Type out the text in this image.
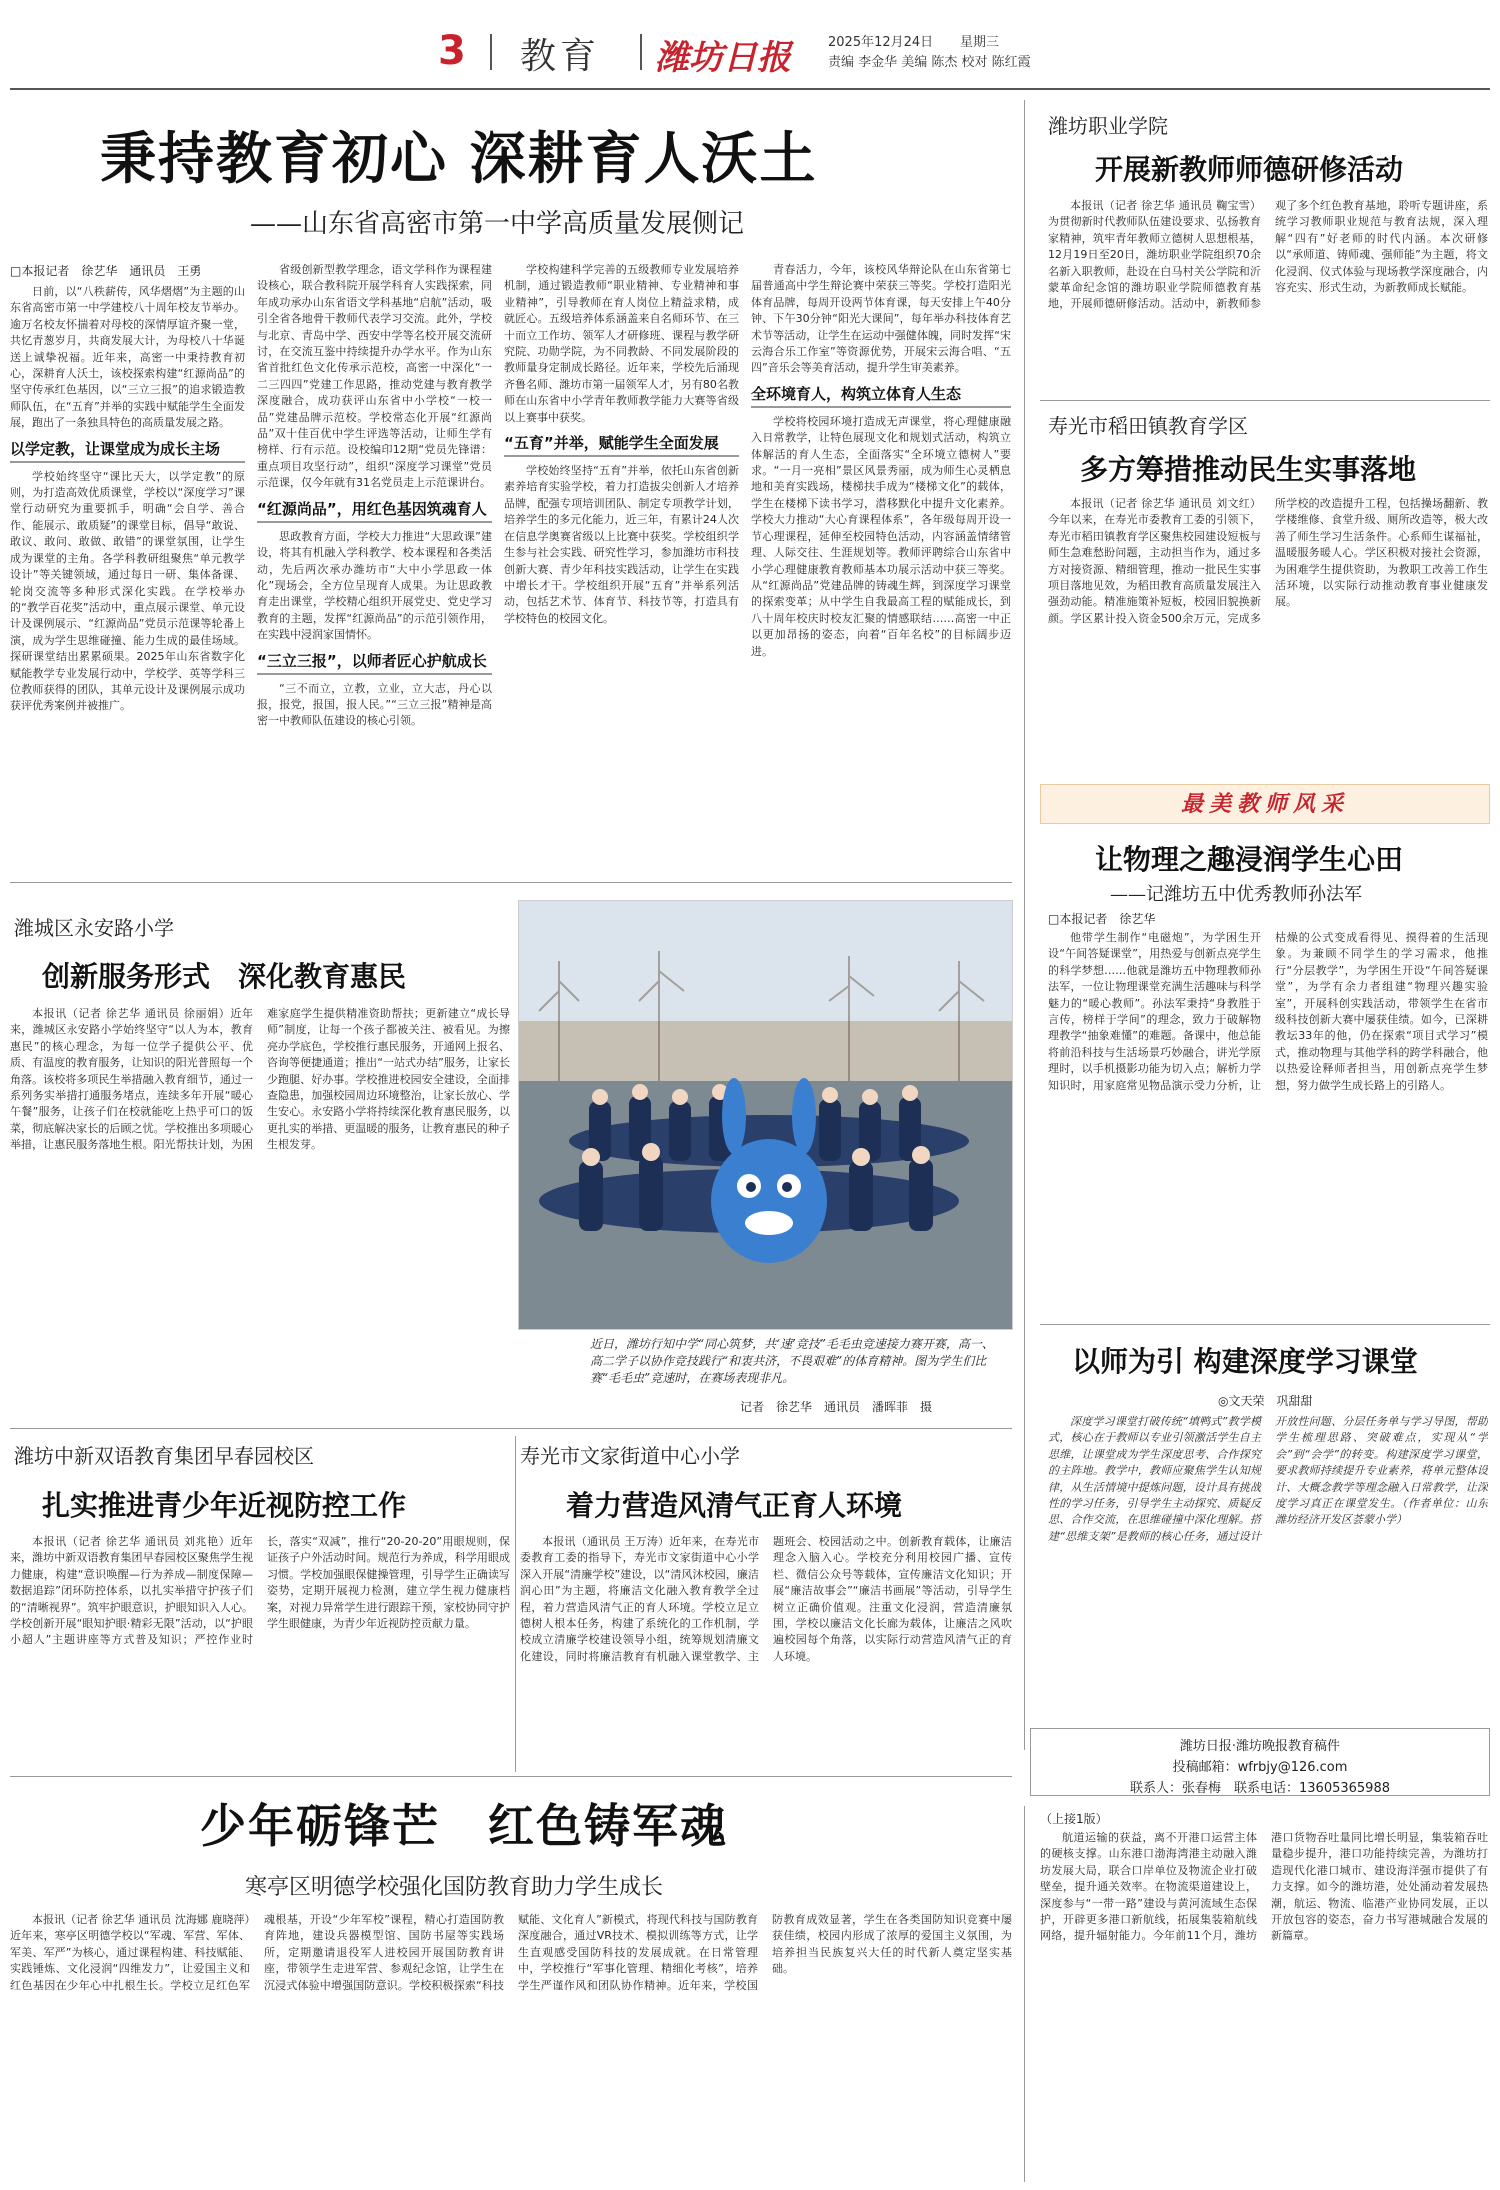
3	教育	潍坊日报	2025年12月24日	星期三
责编 李金华 美编 陈杰 校对 陈红霞
秉持教育初心 深耕育人沃土
——山东省高密市第一中学高质量发展侧记
□本报记者　徐艺华　通讯员　王勇

日前，以“八秩薪传，风华熠熠”为主题的山东省高密市第一中学建校八十周年校友节举办。逾万名校友怀揣着对母校的深情厚谊齐聚一堂，共忆青葱岁月，共商发展大计，为母校八十华诞送上诚挚祝福。近年来，高密一中秉持教育初心，深耕育人沃土，该校探索构建“红源尚品”的坚守传承红色基因，以“三立三报”的追求锻造教师队伍，在“五育”并举的实践中赋能学生全面发展，跑出了一条独具特色的高质量发展之路。

以学定教，让课堂成为成长主场

学校始终坚守“课比天大，以学定教”的原则，为打造高效优质课堂，学校以“深度学习”课堂行动研究为重要抓手，明确“会自学、善合作、能展示、敢质疑”的课堂目标，倡导“敢说、敢议、敢问、敢做、敢错”的课堂氛围，让学生成为课堂的主角。各学科教研组聚焦“单元教学设计”等关键领域，通过每日一研、集体备课、轮岗交流等多种形式深化实践。在学校举办的“教学百花奖”活动中，重点展示课堂、单元设计及课例展示、“红源尚品”党员示范课等轮番上演，成为学生思维碰撞、能力生成的最佳场域。探研课堂结出累累硕果。2025年山东省数字化赋能教学专业发展行动中，学校学、英等学科三位教师获得的团队，其单元设计及课例展示成功获评优秀案例并被推广。

省级创新型教学理念，语文学科作为课程建设核心，联合教科院开展学科育人实践探索，同年成功承办山东省语文学科基地“启航”活动，吸引全省各地骨干教师代表学习交流。此外，学校与北京、青岛中学、西安中学等名校开展交流研讨，在交流互鉴中持续提升办学水平。作为山东省首批红色文化传承示范校，高密一中深化“一二三四四”党建工作思路，推动党建与教育教学深度融合，成功获评山东省中小学校“一校一品”党建品牌示范校。学校常态化开展“红源尚品”双十佳百优中学生评选等活动，让师生学有榜样、行有示范。设校编印12期“党员先锋谱：重点项目攻坚行动”，组织“深度学习课堂”党员示范课，仅今年就有31名党员走上示范课讲台。

“红源尚品”，用红色基因筑魂育人

思政教育方面，学校大力推进“大思政课”建设，将其有机融入学科教学、校本课程和各类活动，先后两次承办潍坊市“大中小学思政一体化”现场会，全方位呈现育人成果。为让思政教育走出课堂，学校精心组织开展党史、党史学习教育的主题，发挥“红源尚品”的示范引领作用，在实践中浸润家国情怀。

“三立三报”，以师者匠心护航成长

“三不而立，立教，立业，立大志，丹心以报，报党，报国，报人民。”“三立三报”精神是高密一中教师队伍建设的核心引领。

学校构建科学完善的五级教师专业发展培养机制，通过锻造教师“职业精神、专业精神和事业精神”，引导教师在育人岗位上精益求精，成就匠心。五级培养体系涵盖来自名师环节、在三十而立工作坊、领军人才研修班、课程与教学研究院、功勋学院，为不同教龄、不同发展阶段的教师量身定制成长路径。近年来，学校先后涌现齐鲁名师、潍坊市第一届领军人才，另有80名教师在山东省中小学青年教师教学能力大赛等省级以上赛事中获奖。

“五育”并举，赋能学生全面发展

学校始终坚持“五育”并举，依托山东省创新素养培育实验学校，着力打造拔尖创新人才培养品牌，配强专项培训团队、制定专项教学计划，培养学生的多元化能力，近三年，有累计24人次在信息学奥赛省级以上比赛中获奖。学校组织学生参与社会实践、研究性学习，参加潍坊市科技创新大赛、青少年科技实践活动，让学生在实践中增长才干。学校组织开展“五育”并举系列活动，包括艺术节、体育节、科技节等，打造具有学校特色的校园文化。

青春活力，今年，该校风华辩论队在山东省第七届普通高中学生辩论赛中荣获三等奖。学校打造阳光体育品牌，每周开设两节体育课，每天安排上午40分钟、下午30分钟“阳光大课间”，每年举办科技体育艺术节等活动，让学生在运动中强健体魄，同时发挥“宋云海合乐工作室”等资源优势，开展宋云海合唱、“五四”音乐会等美育活动，提升学生审美素养。

全环境育人，构筑立体育人生态

学校将校园环境打造成无声课堂，将心理健康融入日常教学，让特色展现文化和规划式活动，构筑立体解活的育人生态，全面落实“全环境立德树人”要求。“一月一亮相”景区风景秀丽，成为师生心灵栖息地和美育实践场，楼梯扶手成为“楼梯文化”的载体，学生在楼梯下读书学习，潜移默化中提升文化素养。学校大力推动“大心育课程体系”，各年级每周开设一节心理课程，延伸至校园特色活动，内容涵盖情绪管理、人际交往、生涯规划等。教师评聘综合山东省中小学心理健康教育教师基本功展示活动中获三等奖。从“红源尚品”党建品牌的铸魂生辉，到深度学习课堂的探索变革；从中学生自我最高工程的赋能成长，到八十周年校庆时校友汇聚的情感联结……高密一中正以更加昂扬的姿态，向着“百年名校”的目标阔步迈进。

潍坊职业学院
开展新教师师德研修活动

本报讯（记者 徐艺华 通讯员 鞠宝雪）为贯彻新时代教师队伍建设要求、弘扬教育家精神，筑牢青年教师立德树人思想根基，12月19日至20日，潍坊职业学院组织70余名新入职教师，赴设在白马村关公学院和沂蒙革命纪念馆的潍坊职业学院师德教育基地，开展师德研修活动。活动中，新教师参观了多个红色教育基地，聆听专题讲座，系统学习教师职业规范与教育法规，深入理解“四有”好老师的时代内涵。本次研修以“承师道、铸师魂、强师能”为主题，将文化浸润、仪式体验与现场教学深度融合，内容充实、形式生动，为新教师成长赋能。

寿光市稻田镇教育学区
多方筹措推动民生实事落地

本报讯（记者 徐艺华 通讯员 刘文红）今年以来，在寿光市委教育工委的引领下，寿光市稻田镇教育学区聚焦校园建设短板与师生急难愁盼问题，主动担当作为，通过多方对接资源、精细管理，推动一批民生实事项目落地见效，为稻田教育高质量发展注入强劲动能。精准施策补短板，校园旧貌换新颜。学区累计投入资金500余万元，完成多所学校的改造提升工程，包括操场翻新、教学楼维修、食堂升级、厕所改造等，极大改善了师生学习生活条件。心系师生谋福祉，温暖服务暖人心。学区积极对接社会资源，为困难学生提供资助，为教职工改善工作生活环境，以实际行动推动教育事业健康发展。

最美教师风采
让物理之趣浸润学生心田
——记潍坊五中优秀教师孙法军
□本报记者　徐艺华

他带学生制作“电磁炮”，为学困生开设“午间答疑课堂”，用热爱与创新点亮学生的科学梦想……他就是潍坊五中物理教师孙法军，一位让物理课堂充满生活趣味与科学魅力的“暖心教师”。孙法军秉持“身教胜于言传，榜样于学间”的理念，致力于破解物理教学“抽象难懂”的难题。备课中，他总能将前沿科技与生活场景巧妙融合，讲光学原理时，以手机摄影功能为切入点；解析力学知识时，用家庭常见物品演示受力分析，让枯燥的公式变成看得见、摸得着的生活现象。为兼顾不同学生的学习需求，他推行“分层教学”，为学困生开设“午间答疑课堂”，为学有余力者组建“物理兴趣实验室”，开展科创实践活动，带领学生在省市级科技创新大赛中屡获佳绩。如今，已深耕教坛33年的他，仍在探索“项目式学习”模式，推动物理与其他学科的跨学科融合，他以热爱诠释师者担当，用创新点亮学生梦想，努力做学生成长路上的引路人。

以师为引 构建深度学习课堂
◎文天荣　巩甜甜

深度学习课堂打破传统“填鸭式”教学模式，核心在于教师以专业引领激活学生自主思维，让课堂成为学生深度思考、合作探究的主阵地。教学中，教师应聚焦学生认知规律，从生活情境中提炼问题，设计具有挑战性的学习任务，引导学生主动探究、质疑反思、合作交流，在思维碰撞中深化理解。搭建“思维支架”是教师的核心任务，通过设计开放性问题、分层任务单与学习导图，帮助学生梳理思路、突破难点，实现从“学会”到“会学”的转变。构建深度学习课堂，要求教师持续提升专业素养，将单元整体设计、大概念教学等理念融入日常教学，让深度学习真正在课堂发生。（作者单位：山东潍坊经济开发区荟蒙小学）

潍坊日报·潍坊晚报教育稿件
投稿邮箱：wfrbjy@126.com
联系人：张春梅　联系电话：13605365988
潍城区永安路小学
创新服务形式　深化教育惠民

本报讯（记者 徐艺华 通讯员 徐丽娟）近年来，潍城区永安路小学始终坚守“以人为本，教育惠民”的核心理念，为每一位学子提供公平、优质、有温度的教育服务，让知识的阳光普照每一个角落。该校将多项民生举措融入教育细节，通过一系列务实举措打通服务堵点，连续多年开展“暖心午餐”服务，让孩子们在校就能吃上热乎可口的饭菜，彻底解决家长的后顾之忧。学校推出多项暖心举措，让惠民服务落地生根。阳光帮扶计划，为困难家庭学生提供精准资助帮扶；更新建立“成长导师”制度，让每一个孩子都被关注、被看见。为擦亮办学底色，学校推行惠民服务，开通网上报名、咨询等便捷通道；推出“一站式办结”服务，让家长少跑腿、好办事。学校推进校园安全建设，全面排查隐患，加强校园周边环境整治，让家长放心、学生安心。永安路小学将持续深化教育惠民服务，以更扎实的举措、更温暖的服务，让教育惠民的种子生根发芽。

近日，潍坊行知中学“同心筑梦，共‘速’竞技”毛毛虫竞速接力赛开赛，高一、高二学子以协作竞技践行“和衷共济，不畏艰难”的体育精神。图为学生们比赛“毛毛虫”竞速时，在赛场表现非凡。
记者　徐艺华　通讯员　潘晖菲　摄
潍坊中新双语教育集团早春园校区
扎实推进青少年近视防控工作

本报讯（记者 徐艺华 通讯员 刘兆艳）近年来，潍坊中新双语教育集团早春园校区聚焦学生视力健康，构建“意识唤醒—行为养成—制度保障—数据追踪”闭环防控体系，以扎实举措守护孩子们的“清晰视界”。筑牢护眼意识，护眼知识入人心。学校创新开展“眼知护眼·精彩无限”活动，以“护眼小超人”主题讲座等方式普及知识；严控作业时长，落实“双减”，推行“20-20-20”用眼规则，保证孩子户外活动时间。规范行为养成，科学用眼成习惯。学校加强眼保健操管理，引导学生正确读写姿势，定期开展视力检测，建立学生视力健康档案，对视力异常学生进行跟踪干预，家校协同守护学生眼健康，为青少年近视防控贡献力量。

寿光市文家街道中心小学
着力营造风清气正育人环境

本报讯（通讯员 王万涛）近年来，在寿光市委教育工委的指导下，寿光市文家街道中心小学深入开展“清廉学校”建设，以“清风沐校园，廉洁润心田”为主题，将廉洁文化融入教育教学全过程，着力营造风清气正的育人环境。学校立足立德树人根本任务，构建了系统化的工作机制，学校成立清廉学校建设领导小组，统筹规划清廉文化建设，同时将廉洁教育有机融入课堂教学、主题班会、校园活动之中。创新教育载体，让廉洁理念入脑入心。学校充分利用校园广播、宣传栏、微信公众号等载体，宣传廉洁文化知识；开展“廉洁故事会”“廉洁书画展”等活动，引导学生树立正确价值观。注重文化浸润，营造清廉氛围，学校以廉洁文化长廊为载体，让廉洁之风吹遍校园每个角落，以实际行动营造风清气正的育人环境。

少年砺锋芒　红色铸军魂
寒亭区明德学校强化国防教育助力学生成长

本报讯（记者 徐艺华 通讯员 沈海娜 鹿晓萍）近年来，寒亭区明德学校以“军魂、军营、军体、军美、军严”为核心，通过课程构建、科技赋能、实践锤炼、文化浸润“四维发力”，让爱国主义和红色基因在少年心中扎根生长。学校立足红色军魂根基，开设“少年军校”课程，精心打造国防教育阵地，建设兵器模型馆、国防书屋等实践场所，定期邀请退役军人进校园开展国防教育讲座，带领学生走进军营、参观纪念馆，让学生在沉浸式体验中增强国防意识。学校积极探索“科技赋能、文化育人”新模式，将现代科技与国防教育深度融合，通过VR技术、模拟训练等方式，让学生直观感受国防科技的发展成就。在日常管理中，学校推行“军事化管理、精细化考核”，培养学生严谨作风和团队协作精神。近年来，学校国防教育成效显著，学生在各类国防知识竞赛中屡获佳绩，校园内形成了浓厚的爱国主义氛围，为培养担当民族复兴大任的时代新人奠定坚实基础。

（上接1版）

航道运输的获益，离不开港口运营主体的硬核支撑。山东港口渤海湾港主动融入潍坊发展大局，联合口岸单位及物流企业打破壁垒，提升通关效率。在物流渠道建设上，深度参与“一带一路”建设与黄河流域生态保护，开辟更多港口新航线，拓展集装箱航线网络，提升辐射能力。今年前11个月，潍坊港口货物吞吐量同比增长明显，集装箱吞吐量稳步提升，港口功能持续完善，为潍坊打造现代化港口城市、建设海洋强市提供了有力支撑。如今的潍坊港，处处涌动着发展热潮，航运、物流、临港产业协同发展，正以开放包容的姿态，奋力书写港城融合发展的新篇章。
